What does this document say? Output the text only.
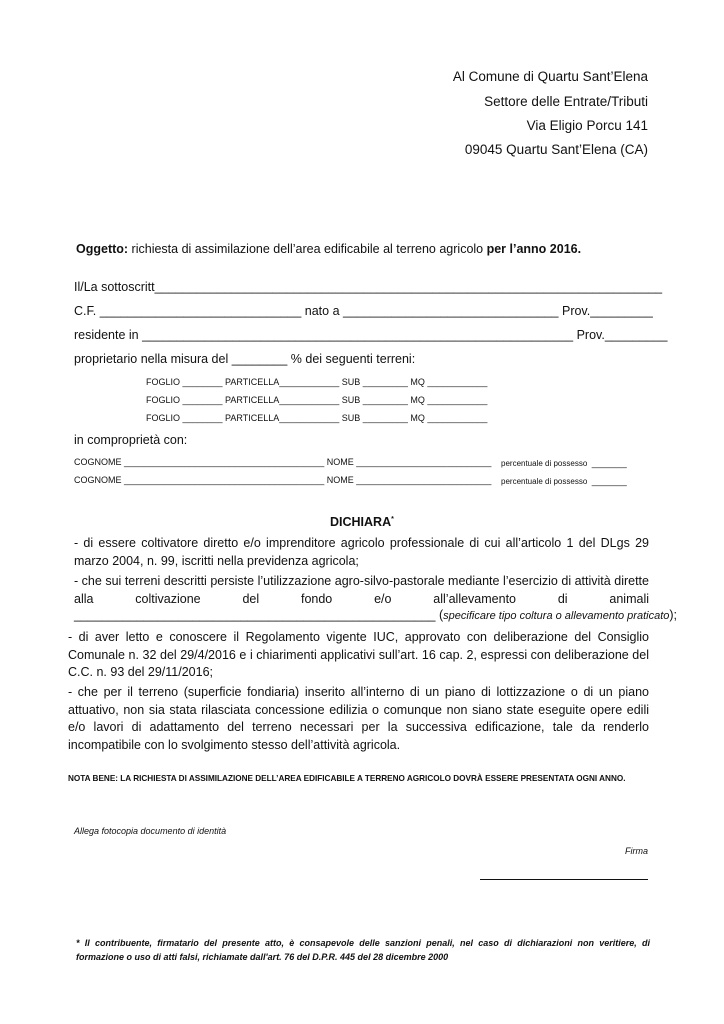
Al Comune di Quartu Sant’Elena
Settore delle Entrate/Tributi
Via Eligio Porcu 141
09045 Quartu Sant’Elena (CA)
Oggetto: richiesta di assimilazione dell’area edificabile al terreno agricolo per l’anno 2016.
Il/La sottoscritt_________________________________________________________________________
C.F. _____________________________ nato a _______________________________ Prov._________
residente in ______________________________________________________________ Prov._________
proprietario nella misura del ________ % dei seguenti terreni:
FOGLIO ________ PARTICELLA____________ SUB _________ MQ ____________
FOGLIO ________ PARTICELLA____________ SUB _________ MQ ____________
FOGLIO ________ PARTICELLA____________ SUB _________ MQ ____________
in comproprietà con:
COGNOME ________________________________________ NOME ___________________________ percentuale di possesso _______
COGNOME ________________________________________ NOME ___________________________ percentuale di possesso _______
DICHIARA*
- di essere coltivatore diretto e/o imprenditore agricolo professionale di cui all’articolo 1 del DLgs 29 marzo 2004, n. 99, iscritti nella previdenza agricola;
- che sui terreni descritti persiste l’utilizzazione agro-silvo-pastorale mediante l’esercizio di attività dirette alla coltivazione del fondo e/o all’allevamento di animali
____________________________________________________ (specificare tipo coltura o allevamento praticato);
- di aver letto e conoscere il Regolamento vigente IUC, approvato con deliberazione del Consiglio Comunale n. 32 del 29/4/2016 e i chiarimenti applicativi sull’art. 16 cap. 2, espressi con deliberazione del C.C. n. 93 del 29/11/2016;
- che per il terreno (superficie fondiaria) inserito all’interno di un piano di lottizzazione o di un piano attuativo, non sia stata rilasciata concessione edilizia o comunque non siano state eseguite opere edili e/o lavori di adattamento del terreno necessari per la successiva edificazione, tale da renderlo incompatibile con lo svolgimento stesso dell’attività agricola.
NOTA BENE: LA RICHIESTA DI ASSIMILAZIONE DELL’AREA EDIFICABILE A TERRENO AGRICOLO DOVRÀ ESSERE PRESENTATA OGNI ANNO.
Allega fotocopia documento di identità
Firma
* Il contribuente, firmatario del presente atto, è consapevole delle sanzioni penali, nel caso di dichiarazioni non veritiere, di formazione o uso di atti falsi, richiamate dall'art. 76 del D.P.R. 445 del 28 dicembre 2000
